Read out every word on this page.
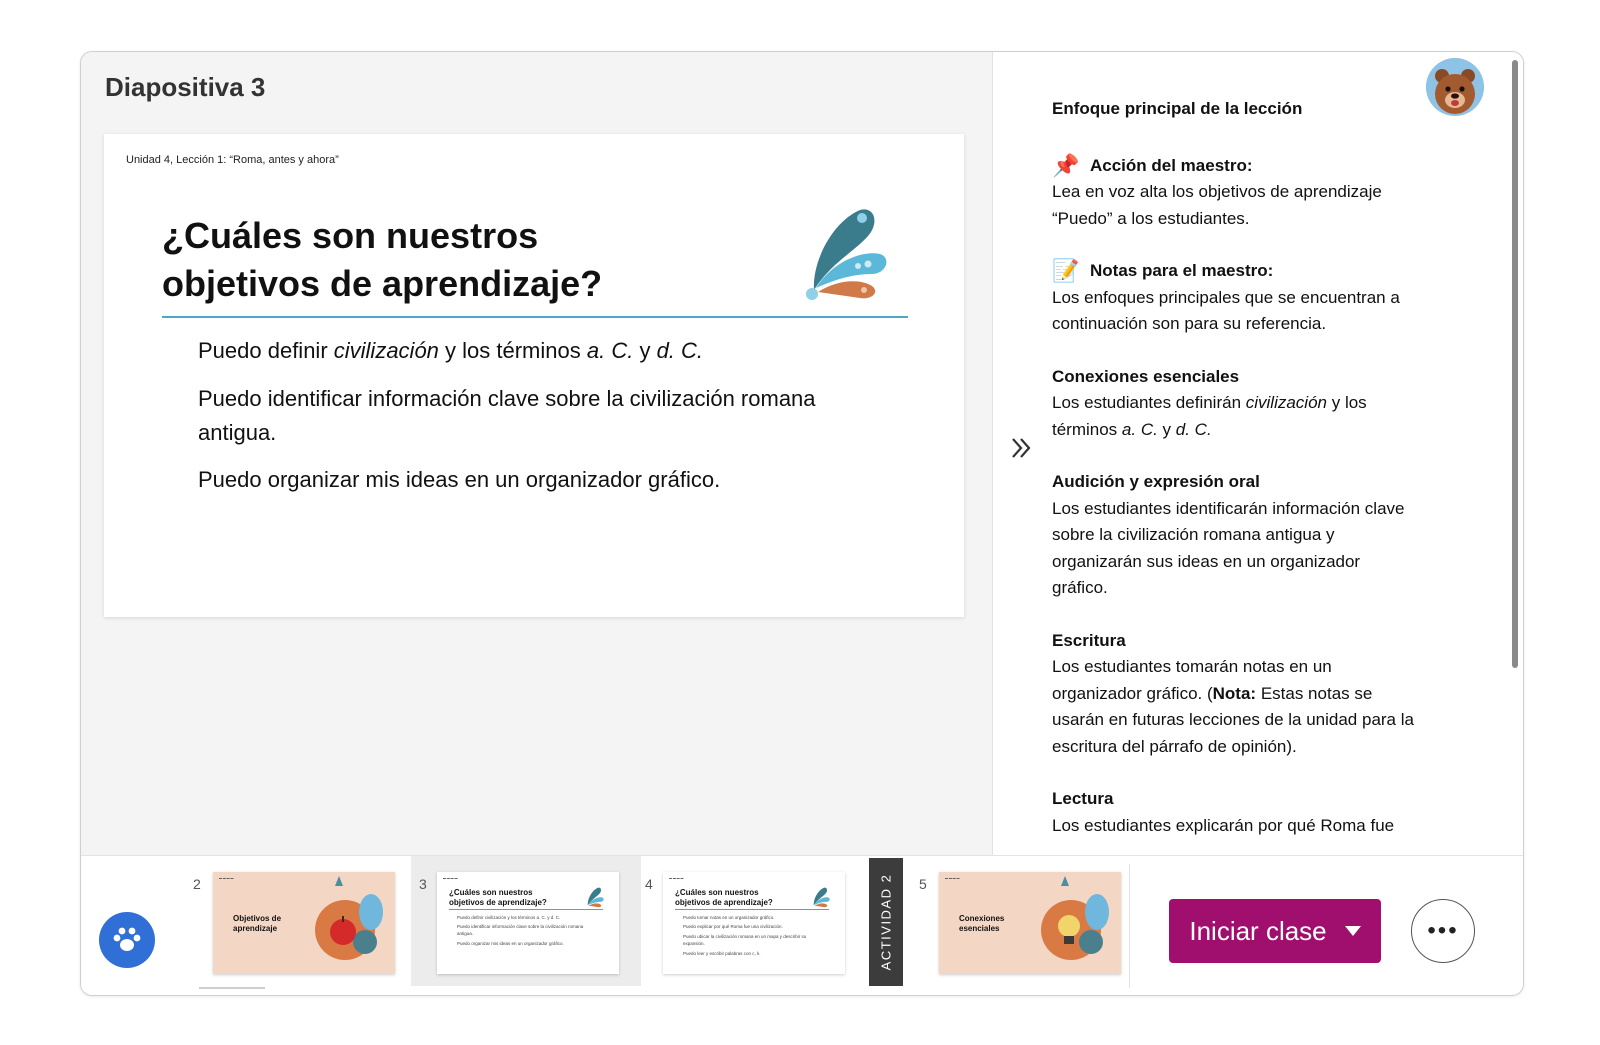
Diapositiva 3
Unidad 4, Lección 1: “Roma, antes y ahora”
¿Cuáles son nuestros
objetivos de aprendizaje?
Puedo definir civilización y los términos a. C. y d. C.
Puedo identificar información clave sobre la civilización romana
antigua.
Puedo organizar mis ideas en un organizador gráfico.
Enfoque principal de la lección
📌 Acción del maestro:
Lea en voz alta los objetivos de aprendizaje
“Puedo” a los estudiantes.
📝 Notas para el maestro:
Los enfoques principales que se encuentran a
continuación son para su referencia.
Conexiones esenciales
Los estudiantes definirán civilización y los
términos a. C. y d. C.
Audición y expresión oral
Los estudiantes identificarán información clave
sobre la civilización romana antigua y
organizarán sus ideas en un organizador
gráfico.
Escritura
Los estudiantes tomarán notas en un
organizador gráfico. (Nota: Estas notas se
usarán en futuras lecciones de la unidad para la
escritura del párrafo de opinión).
Lectura
Los estudiantes explicarán por qué Roma fue
2	▬ ▬ ▬ ▬
Objetivos de
aprendizaje
3	▬ ▬ ▬ ▬
¿Cuáles son nuestros
objetivos de aprendizaje?
Puedo definir civilización y los términos a. C. y d. C.
Puedo identificar información clave sobre la civilización romana
antigua.
Puedo organizar mis ideas en un organizador gráfico.
4	▬ ▬ ▬ ▬
¿Cuáles son nuestros
objetivos de aprendizaje?
Puedo tomar notas en un organizador gráfico.
Puedo explicar por qué Roma fue una civilización.
Puedo ubicar la civilización romana en un mapa y describir su
expansión.
Puedo leer y escribir palabras con c, k.	ACTIVIDAD 2 5	▬ ▬ ▬ ▬
Conexiones
esenciales	Iniciar clase	•••
